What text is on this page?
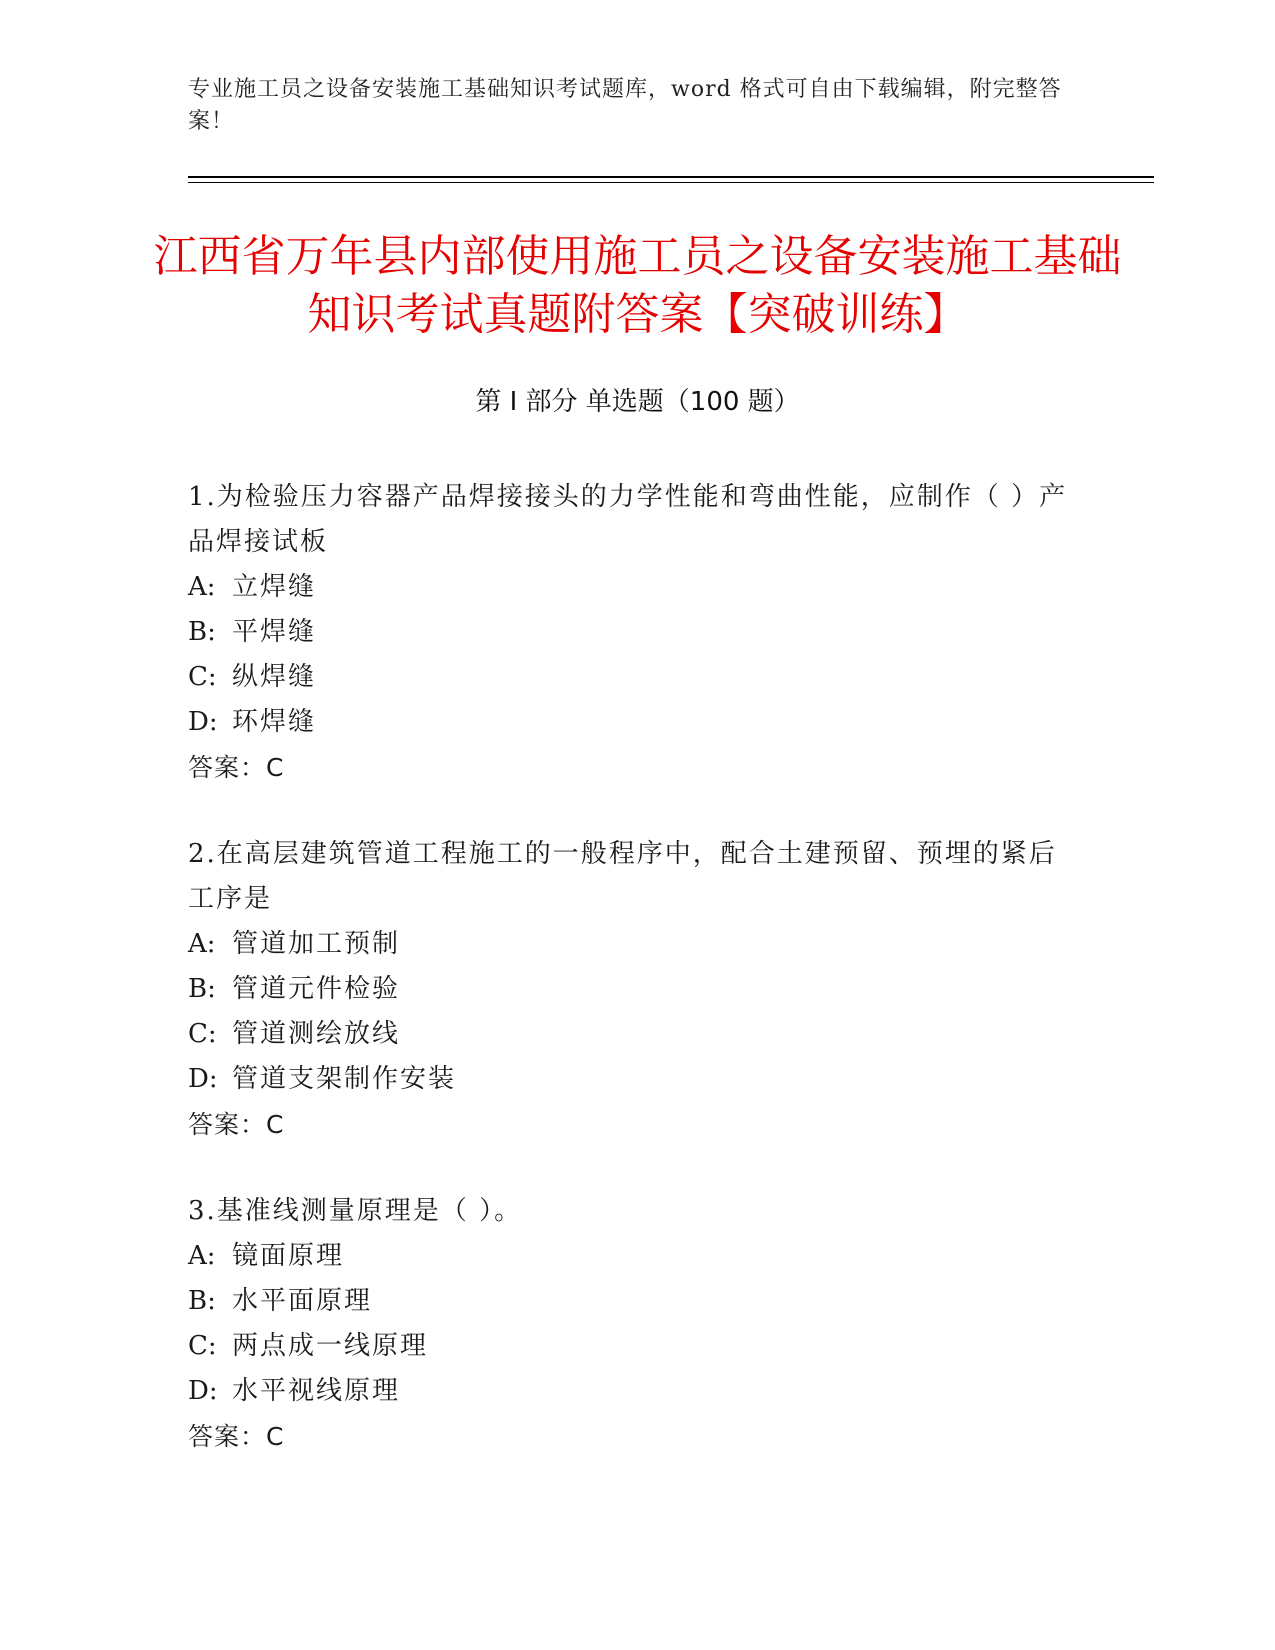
专业施工员之设备安装施工基础知识考试题库，word 格式可自由下载编辑，附完整答案！
江西省万年县内部使用施工员之设备安装施工基础知识考试真题附答案【突破训练】
第 I 部分 单选题（100 题）
1.为检验压力容器产品焊接接头的力学性能和弯曲性能，应制作（ ）产品焊接试板
A: 立焊缝
B: 平焊缝
C: 纵焊缝
D: 环焊缝
答案：C
2.在高层建筑管道工程施工的一般程序中，配合土建预留、预埋的紧后工序是
A: 管道加工预制
B: 管道元件检验
C: 管道测绘放线
D: 管道支架制作安装
答案：C
3.基准线测量原理是（ ）。
A: 镜面原理
B: 水平面原理
C: 两点成一线原理
D: 水平视线原理
答案：C
